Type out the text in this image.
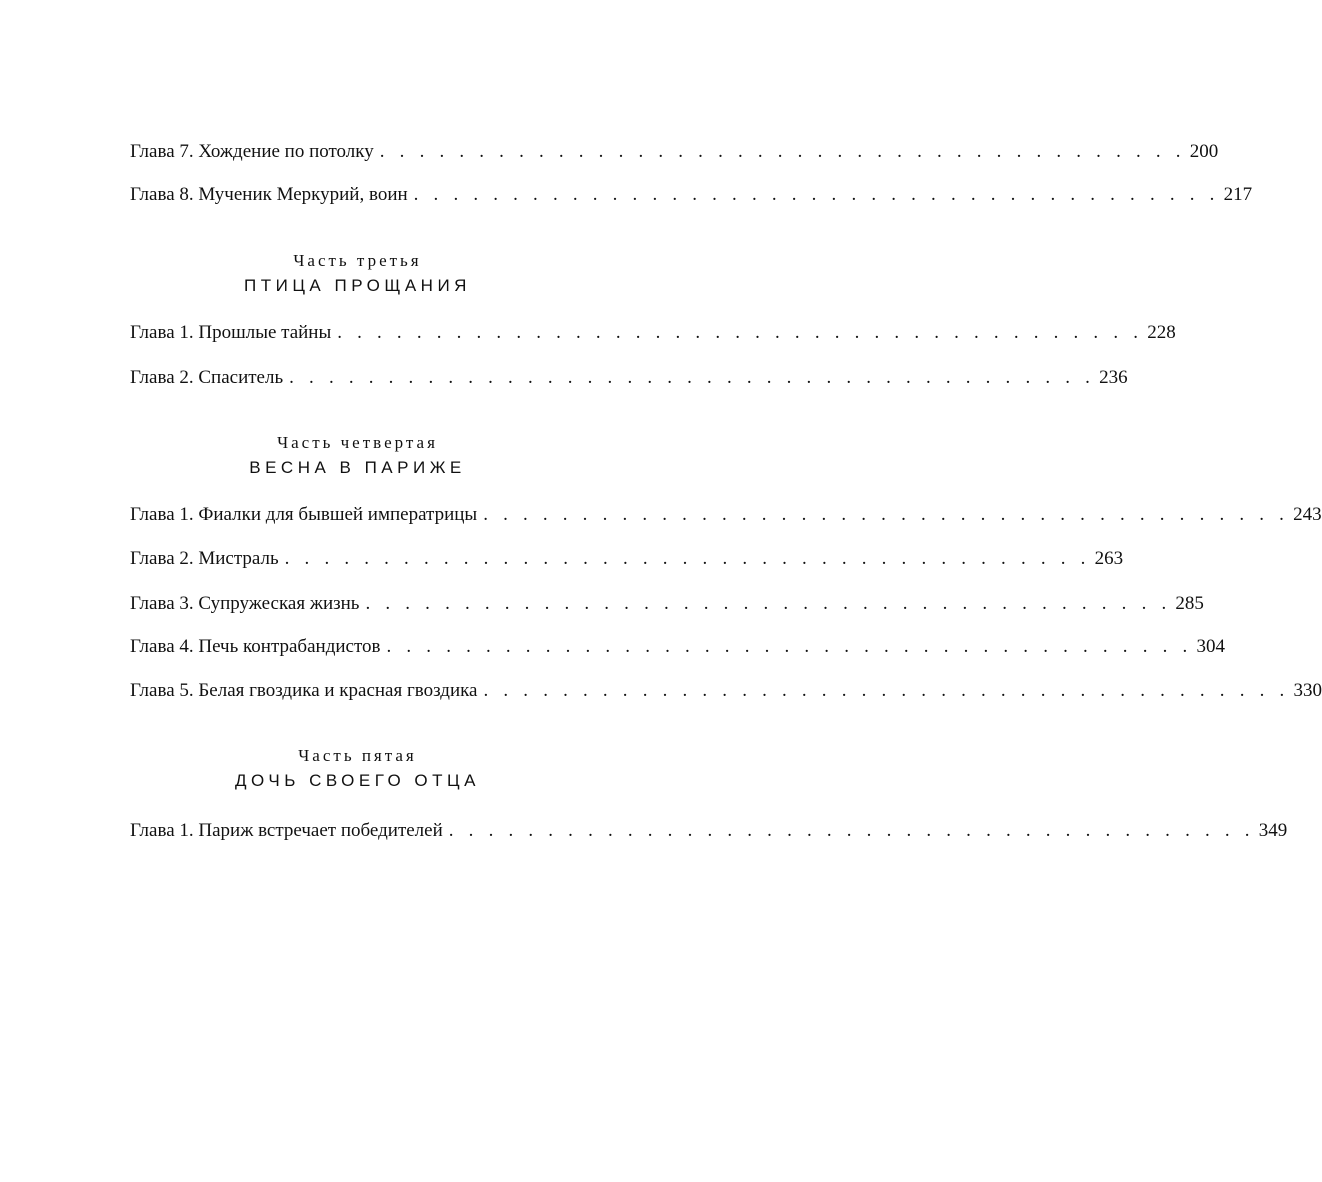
Глава 7. Хождение по потолку . . . . . . . . . . . . . . . . . . . . . . . . . . . . . . . . . . . . . . . . . 200
Глава 8. Мученик Меркурий, воин . . . . . . . . . . . . . . . . . . . . . . . . . . . . . . . . . . . . . . . . . 217
Часть третья
ПТИЦА ПРОЩАНИЯ
Глава 1. Прошлые тайны . . . . . . . . . . . . . . . . . . . . . . . . . . . . . . . . . . . . . . . . . 228
Глава 2. Спаситель . . . . . . . . . . . . . . . . . . . . . . . . . . . . . . . . . . . . . . . . . 236
Часть четвертая
ВЕСНА В ПАРИЖЕ
Глава 1. Фиалки для бывшей императрицы . . . . . . . . . . . . . . . . . . . . . . . . . . . . . . . . . . . . . . . . . 243
Глава 2. Мистраль . . . . . . . . . . . . . . . . . . . . . . . . . . . . . . . . . . . . . . . . . 263
Глава 3. Супружеская жизнь . . . . . . . . . . . . . . . . . . . . . . . . . . . . . . . . . . . . . . . . . 285
Глава 4. Печь контрабандистов . . . . . . . . . . . . . . . . . . . . . . . . . . . . . . . . . . . . . . . . . 304
Глава 5. Белая гвоздика и красная гвоздика . . . . . . . . . . . . . . . . . . . . . . . . . . . . . . . . . . . . . . . . . 330
Часть пятая
ДОЧЬ СВОЕГО ОТЦА
Глава 1. Париж встречает победителей . . . . . . . . . . . . . . . . . . . . . . . . . . . . . . . . . . . . . . . . . 349
